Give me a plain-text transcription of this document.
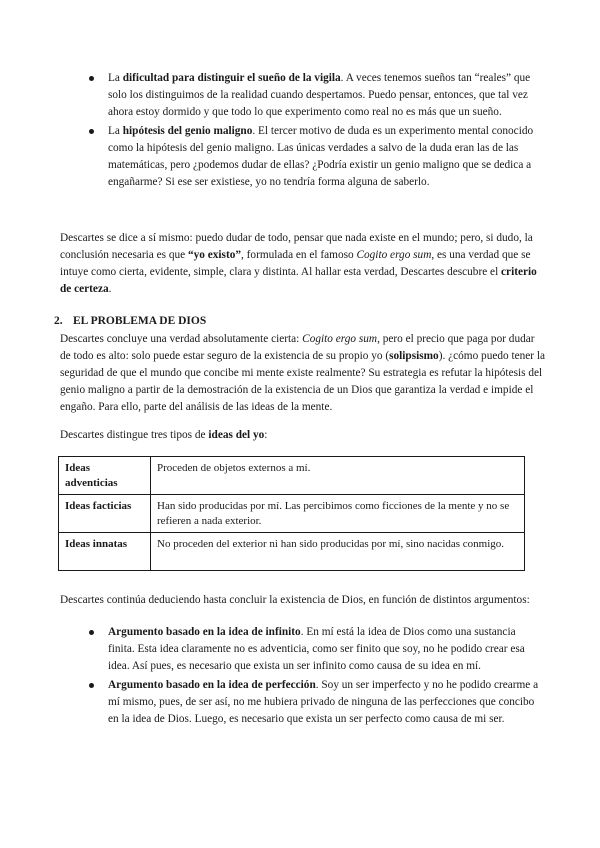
La dificultad para distinguir el sueño de la vigila. A veces tenemos sueños tan “reales” que solo los distinguimos de la realidad cuando despertamos. Puedo pensar, entonces, que tal vez ahora estoy dormido y que todo lo que experimento como real no es más que un sueño.
La hipótesis del genio maligno. El tercer motivo de duda es un experimento mental conocido como la hipótesis del genio maligno. Las únicas verdades a salvo de la duda eran las de las matemáticas, pero ¿podemos dudar de ellas? ¿Podría existir un genio maligno que se dedica a engañarme? Si ese ser existiese, yo no tendría forma alguna de saberlo.

Descartes se dice a sí mismo: puedo dudar de todo, pensar que nada existe en el mundo; pero, si dudo, la conclusión necesaria es que “yo existo”, formulada en el famoso Cogito ergo sum, es una verdad que se intuye como cierta, evidente, simple, clara y distinta. Al hallar esta verdad, Descartes descubre el criterio de certeza.

2. EL PROBLEMA DE DIOS

Descartes concluye una verdad absolutamente cierta: Cogito ergo sum, pero el precio que paga por dudar de todo es alto: solo puede estar seguro de la existencia de su propio yo (solipsismo). ¿cómo puedo tener la seguridad de que el mundo que concibe mi mente existe realmente? Su estrategia es refutar la hipótesis del genio maligno a partir de la demostración de la existencia de un Dios que garantiza la verdad e impide el engaño. Para ello, parte del análisis de las ideas de la mente.

Descartes distingue tres tipos de ideas del yo:

Ideas adventicias	Proceden de objetos externos a mí.
Ideas facticias	Han sido producidas por mí. Las percibimos como ficciones de la mente y no se refieren a nada exterior.
Ideas innatas	No proceden del exterior ni han sido producidas por mí, sino nacidas conmigo.

Descartes continúa deduciendo hasta concluir la existencia de Dios, en función de distintos argumentos:

Argumento basado en la idea de infinito. En mí está la idea de Dios como una sustancia finita. Esta idea claramente no es adventicia, como ser finito que soy, no he podido crear esa idea. Así pues, es necesario que exista un ser infinito como causa de su idea en mí.
Argumento basado en la idea de perfección. Soy un ser imperfecto y no he podido crearme a mí mismo, pues, de ser así, no me hubiera privado de ninguna de las perfecciones que concibo en la idea de Dios. Luego, es necesario que exista un ser perfecto como causa de mi ser.
